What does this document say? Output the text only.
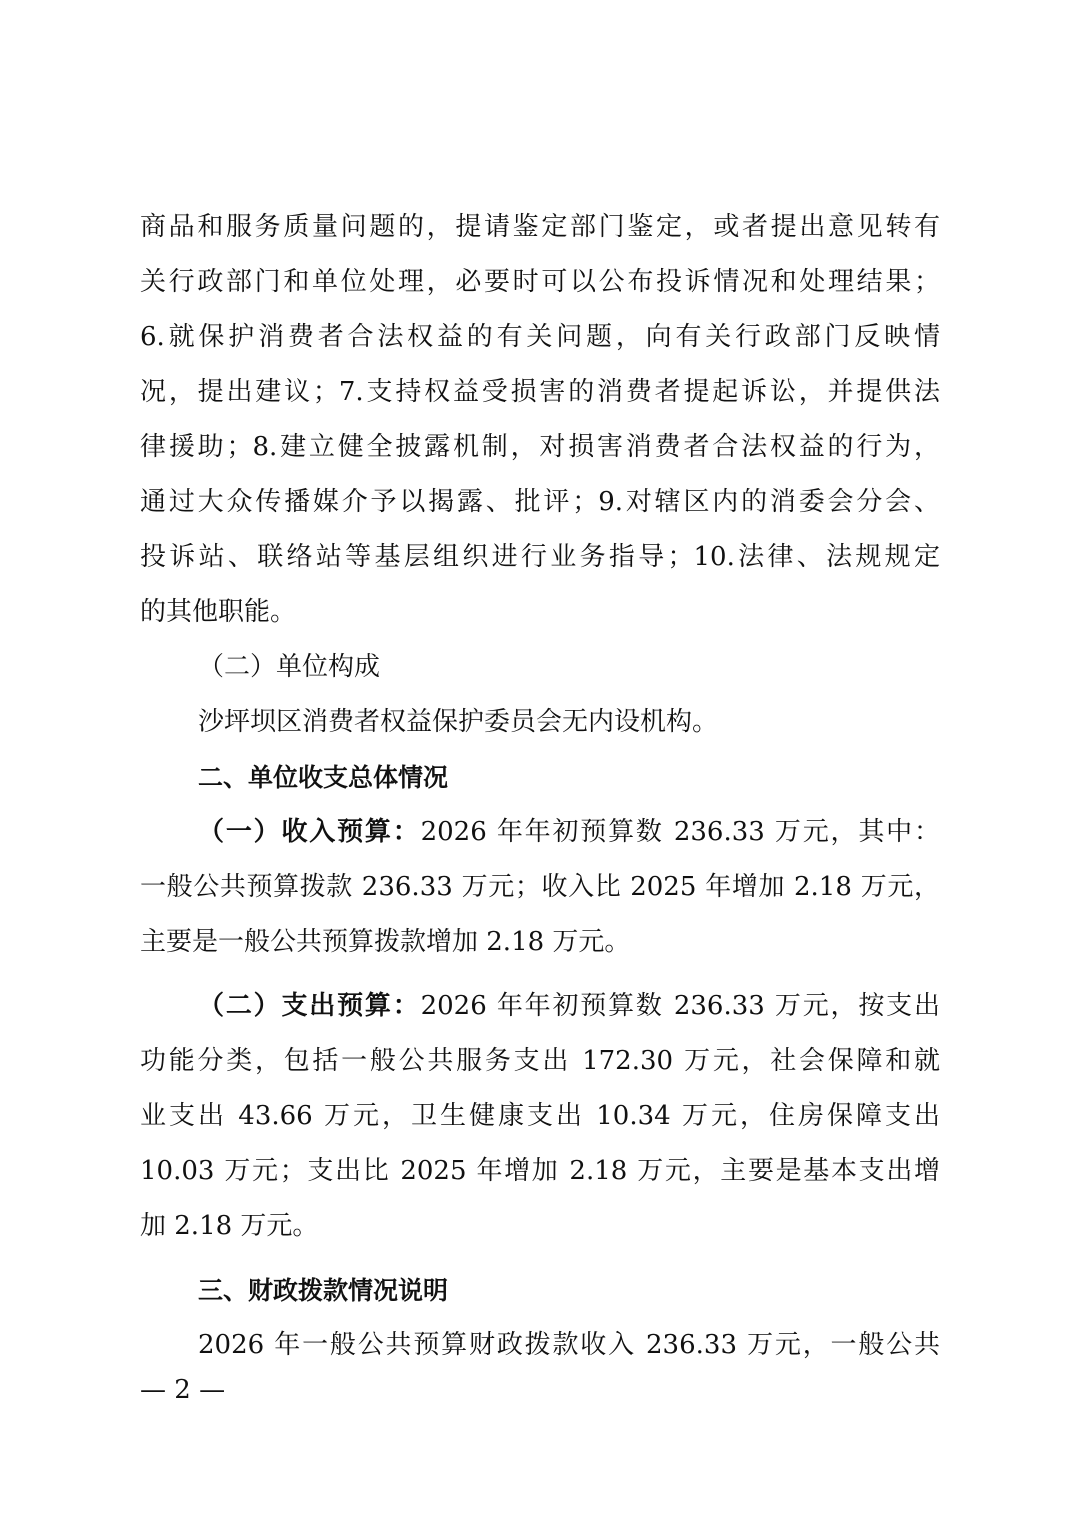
商品和服务质量问题的，提请鉴定部门鉴定，或者提出意见转有
关行政部门和单位处理，必要时可以公布投诉情况和处理结果；
6.就保护消费者合法权益的有关问题，向有关行政部门反映情
况，提出建议；7.支持权益受损害的消费者提起诉讼，并提供法
律援助；8.建立健全披露机制，对损害消费者合法权益的行为，
通过大众传播媒介予以揭露、批评；9.对辖区内的消委会分会、
投诉站、联络站等基层组织进行业务指导；10.法律、法规规定
的其他职能。
（二）单位构成
沙坪坝区消费者权益保护委员会无内设机构。
二、单位收支总体情况
（一）收入预算：2026 年年初预算数 236.33 万元，其中：
一般公共预算拨款 236.33 万元；收入比 2025 年增加 2.18 万元，
主要是一般公共预算拨款增加 2.18 万元。
（二）支出预算：2026 年年初预算数 236.33 万元，按支出
功能分类，包括一般公共服务支出 172.30 万元，社会保障和就
业支出 43.66 万元，卫生健康支出 10.34 万元，住房保障支出
10.03 万元；支出比 2025 年增加 2.18 万元，主要是基本支出增
加 2.18 万元。
三、财政拨款情况说明
2026 年一般公共预算财政拨款收入 236.33 万元，一般公共
— 2 —
